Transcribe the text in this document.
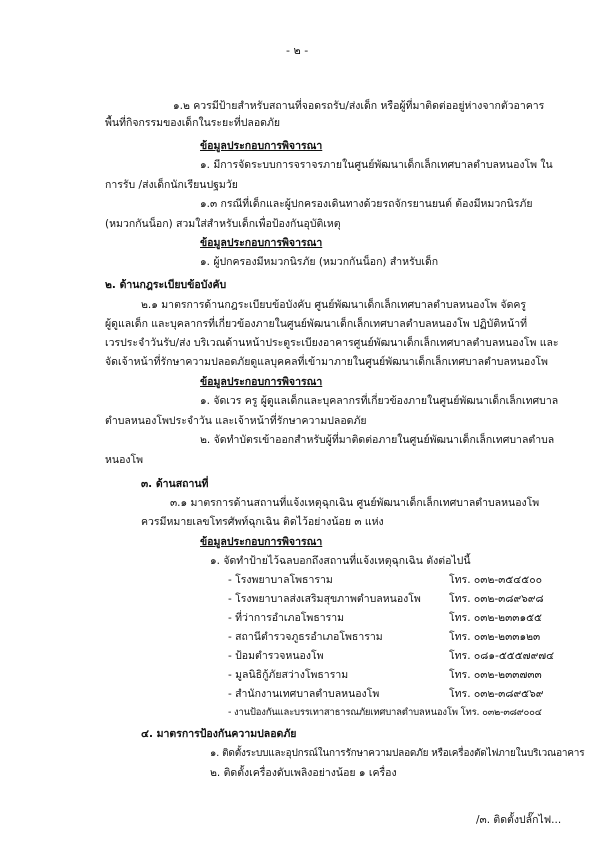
- ๒ -
๑.๒ ควรมีป้ายสำหรับสถานที่จอดรถรับ/ส่งเด็ก หรือผู้ที่มาติดต่ออยู่ห่างจากตัวอาคาร
พื้นที่กิจกรรมของเด็กในระยะที่ปลอดภัย
ข้อมูลประกอบการพิจารณา
๑. มีการจัดระบบการจราจรภายในศูนย์พัฒนาเด็กเล็กเทศบาลตำบลหนองโพ ใน
การรับ /ส่งเด็กนักเรียนปฐมวัย
๑.๓ กรณีที่เด็กและผู้ปกครองเดินทางด้วยรถจักรยานยนต์ ต้องมีหมวกนิรภัย
(หมวกกันน็อก) สวมใส่สำหรับเด็กเพื่อป้องกันอุบัติเหตุ
ข้อมูลประกอบการพิจารณา
๑. ผู้ปกครองมีหมวกนิรภัย (หมวกกันน็อก) สำหรับเด็ก
๒. ด้านกฎระเบียบข้อบังคับ
๒.๑ มาตรการด้านกฎระเบียบข้อบังคับ ศูนย์พัฒนาเด็กเล็กเทศบาลตำบลหนองโพ จัดครู
ผู้ดูแลเด็ก และบุคลากรที่เกี่ยวข้องภายในศูนย์พัฒนาเด็กเล็กเทศบาลตำบลหนองโพ ปฏิบัติหน้าที่
เวรประจำวันรับ/ส่ง บริเวณด้านหน้าประตูระเบียงอาคารศูนย์พัฒนาเด็กเล็กเทศบาลตำบลหนองโพ และ
จัดเจ้าหน้าที่รักษาความปลอดภัยดูแลบุคคลที่เข้ามาภายในศูนย์พัฒนาเด็กเล็กเทศบาลตำบลหนองโพ
ข้อมูลประกอบการพิจารณา
๑. จัดเวร ครู ผู้ดูแลเด็กและบุคลากรที่เกี่ยวข้องภายในศูนย์พัฒนาเด็กเล็กเทศบาล
ตำบลหนองโพประจำวัน และเจ้าหน้าที่รักษาความปลอดภัย
๒. จัดทำบัตรเข้าออกสำหรับผู้ที่มาติดต่อภายในศูนย์พัฒนาเด็กเล็กเทศบาลตำบล
หนองโพ
๓. ด้านสถานที่
๓.๑ มาตรการด้านสถานที่แจ้งเหตุฉุกเฉิน ศูนย์พัฒนาเด็กเล็กเทศบาลตำบลหนองโพ
ควรมีหมายเลขโทรศัพท์ฉุกเฉิน ติดไว้อย่างน้อย ๓ แห่ง
ข้อมูลประกอบการพิจารณา
๑. จัดทำป้ายไว้ฉลบอกถึงสถานที่แจ้งเหตุฉุกเฉิน ดังต่อไปนี้
- โรงพยาบาลโพธาราม	โทร. ๐๓๒-๓๕๔๕๐๐
- โรงพยาบาลส่งเสริมสุขภาพตำบลหนองโพ	โทร. ๐๓๒-๓๘๙๖๙๘
- ที่ว่าการอำเภอโพธาราม	โทร. ๐๓๒-๒๓๓๑๕๕
- สถานีตำรวจภูธรอำเภอโพธาราม	โทร. ๐๓๒-๒๓๓๑๒๓
- ป้อมตำรวจหนองโพ	โทร. ๐๘๑-๕๕๕๗๙๗๔
- มูลนิธิกู้ภัยสว่างโพธาราม	โทร. ๐๓๒-๒๓๓๗๓๓
- สำนักงานเทศบาลตำบลหนองโพ	โทร. ๐๓๒-๓๘๙๕๖๙
- งานป้องกันและบรรเทาสาธารณภัยเทศบาลตำบลหนองโพ โทร. ๐๓๒-๓๘๙๐๐๔
๔. มาตรการป้องกันความปลอดภัย
๑. ติดตั้งระบบและอุปกรณ์ในการรักษาความปลอดภัย หรือเครื่องตัดไฟภายในบริเวณอาคาร
๒. ติดตั้งเครื่องดับเพลิงอย่างน้อย ๑ เครื่อง
/๓. ติดตั้งปลั๊กไฟ...
